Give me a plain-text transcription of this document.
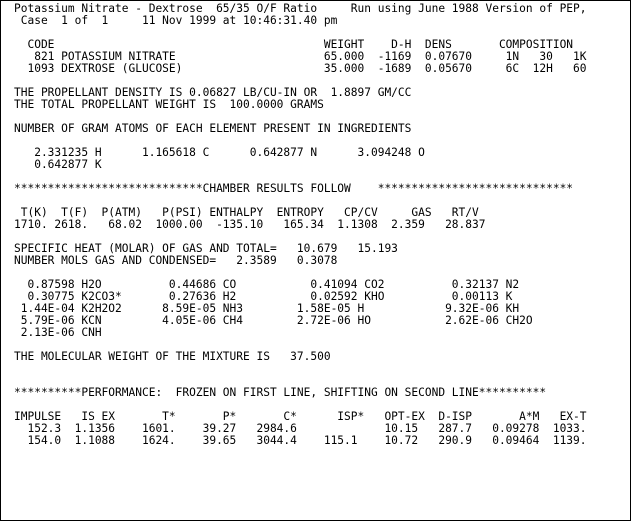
Potassium Nitrate - Dextrose  65/35 O/F Ratio     Run using June 1988 Version of PEP,
Case  1 of  1     11 Nov 1999 at 10:46:31.40 pm
CODE                                        WEIGHT    D-H  DENS       COMPOSITION
821 POTASSIUM NITRATE                      65.000  -1169  0.07670     1N   30   1K
1093 DEXTROSE (GLUCOSE)                     35.000  -1689  0.05670     6C  12H   60
THE PROPELLANT DENSITY IS 0.06827 LB/CU-IN OR  1.8897 GM/CC
THE TOTAL PROPELLANT WEIGHT IS  100.0000 GRAMS
NUMBER OF GRAM ATOMS OF EACH ELEMENT PRESENT IN INGREDIENTS
2.331235 H      1.165618 C      0.642877 N      3.094248 O
0.642877 K
****************************CHAMBER RESULTS FOLLOW    *****************************
T(K)  T(F)  P(ATM)   P(PSI) ENTHALPY  ENTROPY   CP/CV     GAS   RT/V
1710. 2618.   68.02  1000.00  -135.10   165.34  1.1308  2.359   28.837
SPECIFIC HEAT (MOLAR) OF GAS AND TOTAL=   10.679   15.193
NUMBER MOLS GAS AND CONDENSED=   2.3589   0.3078
0.87598 H2O          0.44686 CO           0.41094 CO2          0.32137 N2
0.30775 K2CO3*       0.27636 H2           0.02592 KHO          0.00113 K
1.44E-04 K2H2O2      8.59E-05 NH3        1.58E-05 H            9.32E-06 KH
5.79E-06 KCN         4.05E-06 CH4        2.72E-06 HO           2.62E-06 CH2O
2.13E-06 CNH
THE MOLECULAR WEIGHT OF THE MIXTURE IS   37.500
**********PERFORMANCE:  FROZEN ON FIRST LINE, SHIFTING ON SECOND LINE**********
IMPULSE   IS EX       T*       P*       C*      ISP*   OPT-EX  D-ISP       A*M   EX-T
152.3  1.1356    1601.    39.27   2984.6             10.15   287.7   0.09278  1033.
154.0  1.1088    1624.    39.65   3044.4    115.1    10.72   290.9   0.09464  1139.
